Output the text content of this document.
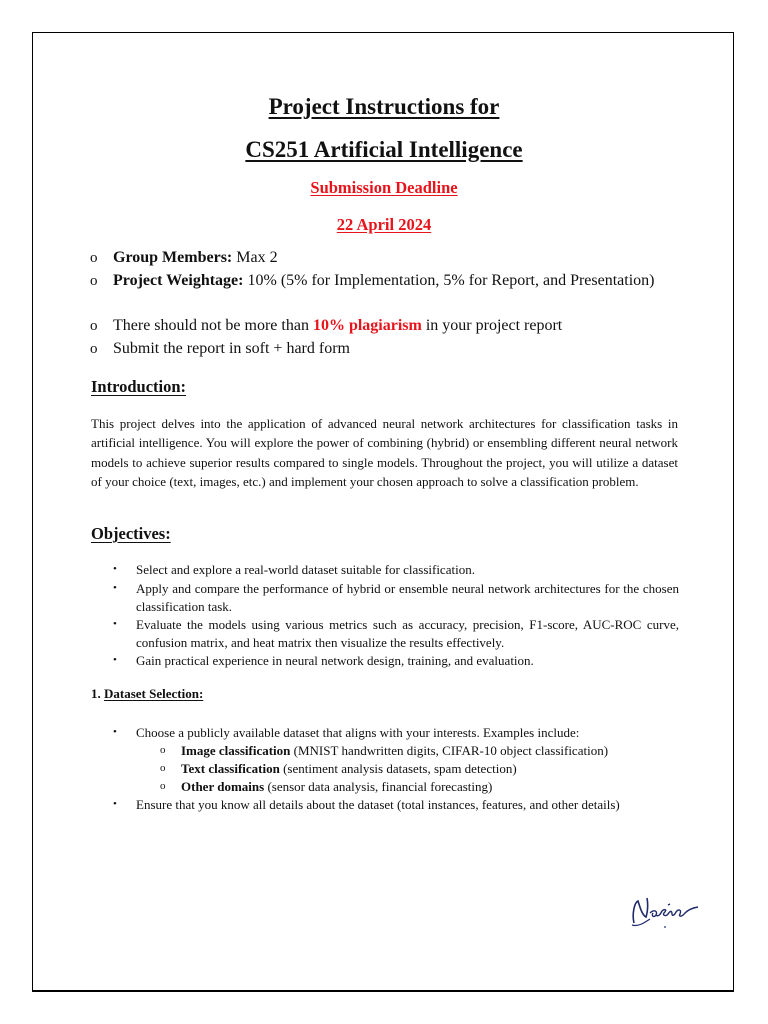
Project Instructions for
CS251 Artificial Intelligence
Submission Deadline
22 April 2024
o Group Members: Max 2
o Project Weightage: 10% (5% for Implementation, 5% for Report, and Presentation)
o There should not be more than 10% plagiarism in your project report
o Submit the report in soft + hard form
Introduction:
This project delves into the application of advanced neural network architectures for classification tasks in artificial intelligence. You will explore the power of combining (hybrid) or ensembling different neural network models to achieve superior results compared to single models. Throughout the project, you will utilize a dataset of your choice (text, images, etc.) and implement your chosen approach to solve a classification problem.
Objectives:
• Select and explore a real-world dataset suitable for classification.
• Apply and compare the performance of hybrid or ensemble neural network architectures for the chosen classification task.
• Evaluate the models using various metrics such as accuracy, precision, F1-score, AUC-ROC curve, confusion matrix, and heat matrix then visualize the results effectively.
• Gain practical experience in neural network design, training, and evaluation.
1. Dataset Selection:
• Choose a publicly available dataset that aligns with your interests. Examples include:
o Image classification (MNIST handwritten digits, CIFAR-10 object classification)
o Text classification (sentiment analysis datasets, spam detection)
o Other domains (sensor data analysis, financial forecasting)
• Ensure that you know all details about the dataset (total instances, features, and other details)
